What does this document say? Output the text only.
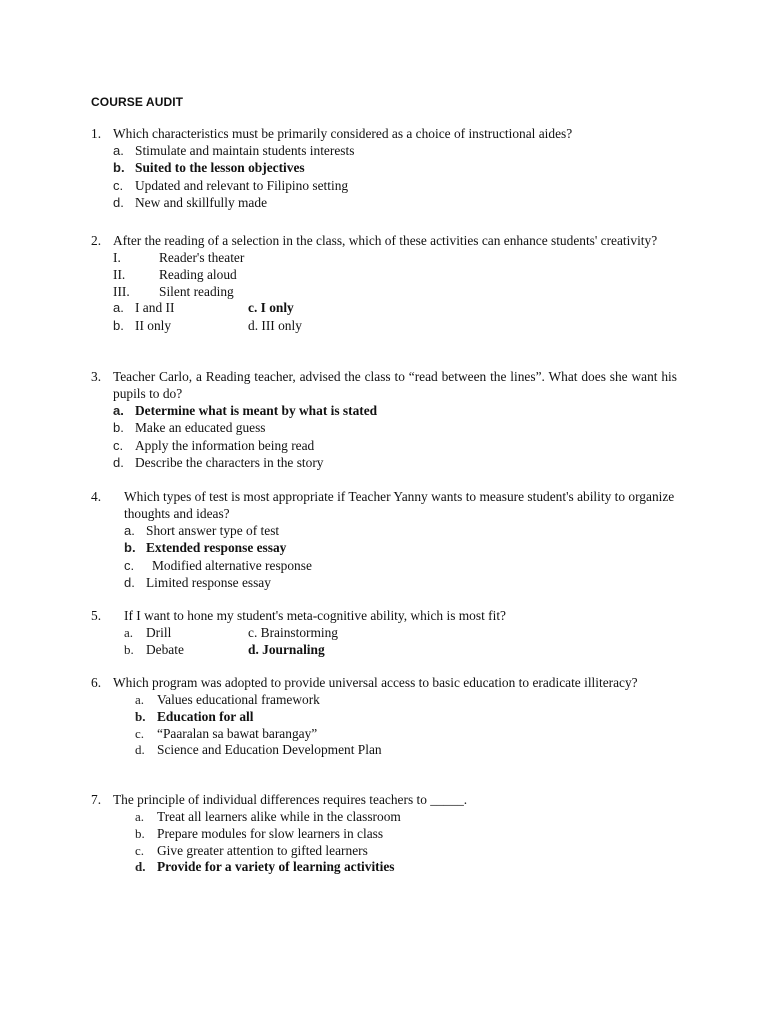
COURSE AUDIT
1. Which characteristics must be primarily considered as a choice of instructional aides?
a. Stimulate and maintain students interests
b. Suited to the lesson objectives
c. Updated and relevant to Filipino setting
d. New and skillfully made
2. After the reading of a selection in the class, which of these activities can enhance students' creativity?
I.	Reader's theater
II.	Reading aloud
III.	Silent reading
a. I and II	c. I only
b. II only	d. III only
3. Teacher Carlo, a Reading teacher, advised the class to “read between the lines”. What does she want his pupils to do?
a. Determine what is meant by what is stated
b. Make an educated guess
c. Apply the information being read
d. Describe the characters in the story
4.	Which types of test is most appropriate if Teacher Yanny wants to measure student's ability to organize thoughts and ideas?
a. Short answer type of test
b. Extended response essay
c.	Modified alternative response
d. Limited response essay
5.	If I want to hone my student's meta-cognitive ability, which is most fit?
a. Drill	c. Brainstorming
b. Debate	d. Journaling
6. Which program was adopted to provide universal access to basic education to eradicate illiteracy?
a. Values educational framework
b. Education for all
c. “Paaralan sa bawat barangay”
d. Science and Education Development Plan
7. The principle of individual differences requires teachers to _____.
a. Treat all learners alike while in the classroom
b. Prepare modules for slow learners in class
c. Give greater attention to gifted learners
d. Provide for a variety of learning activities
